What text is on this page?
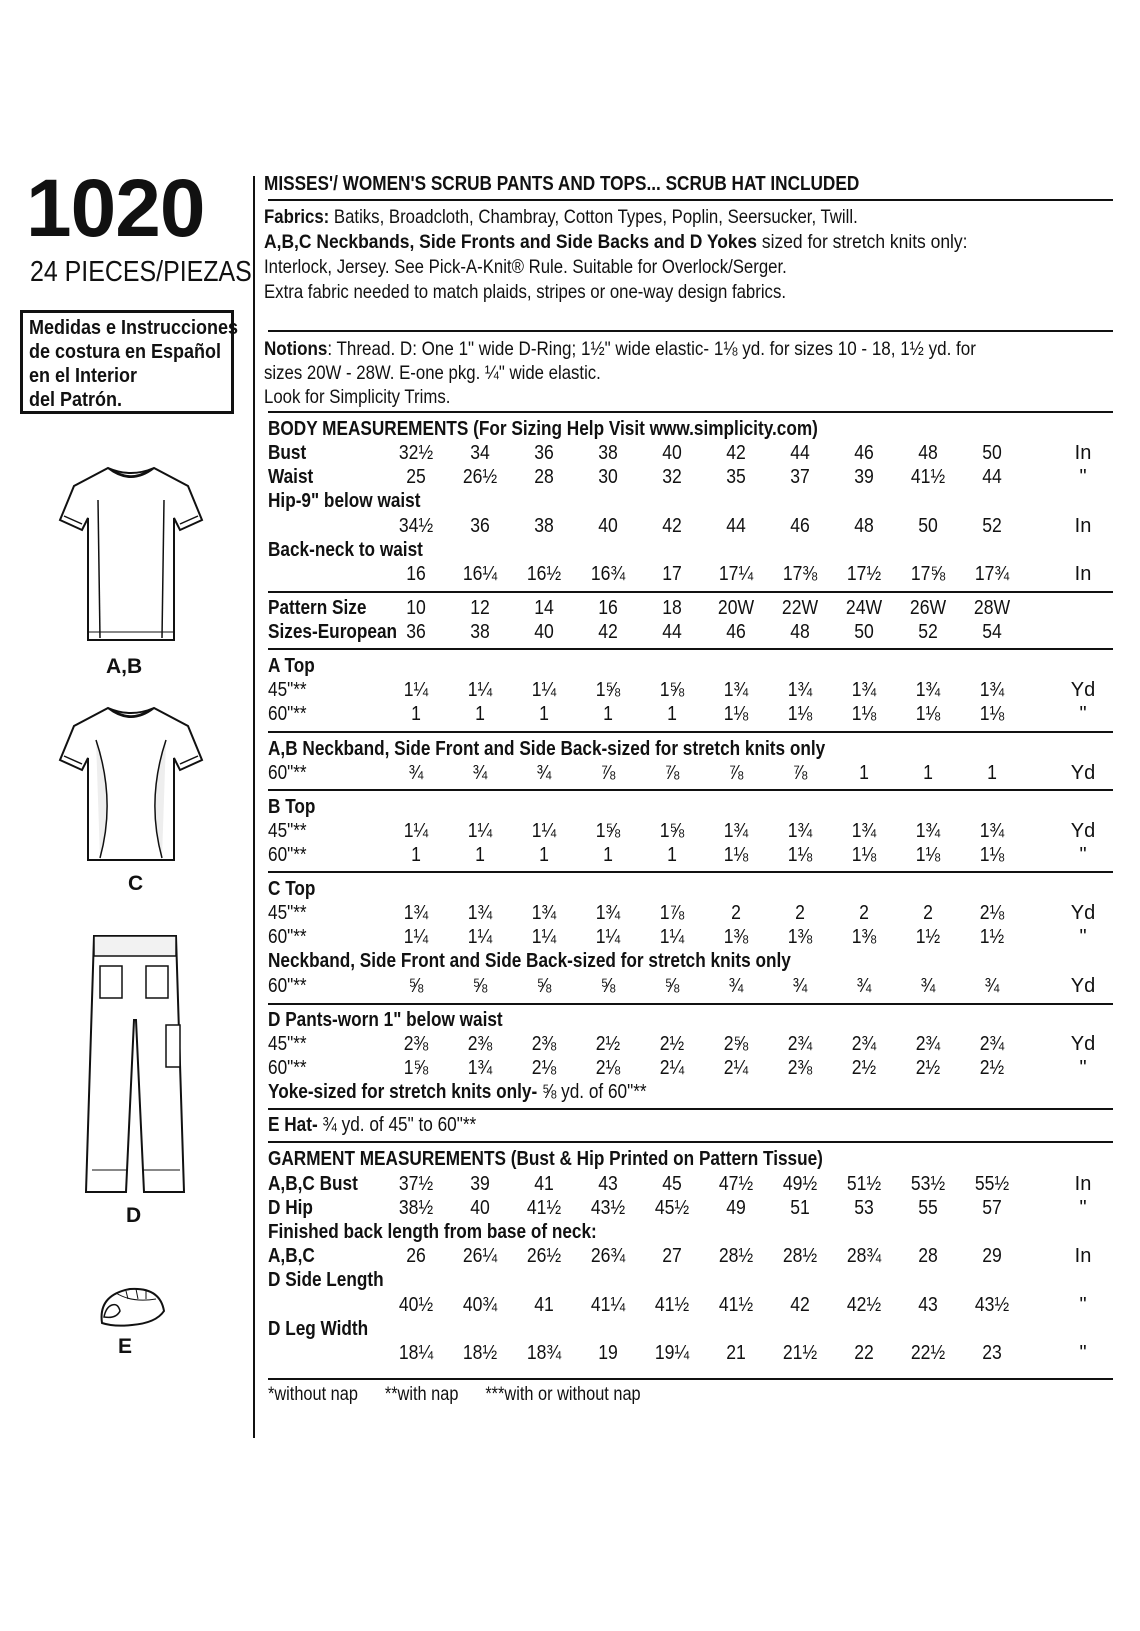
1020
24 PIECES/PIEZAS
Medidas e Instrucciones
de costura en Español
en el Interior
del Patrón.
A,B
C
D
E
MISSES'/ WOMEN'S SCRUB PANTS AND TOPS... SCRUB HAT INCLUDED
Fabrics: Batiks, Broadcloth, Chambray, Cotton Types, Poplin, Seersucker, Twill.
A,B,C Neckbands, Side Fronts and Side Backs and D Yokes sized for stretch knits only:
Interlock, Jersey. See Pick-A-Knit® Rule. Suitable for Overlock/Serger.
Extra fabric needed to match plaids, stripes or one-way design fabrics.
Notions: Thread. D: One 1" wide D-Ring; 1½" wide elastic- 1⅛ yd. for sizes 10 - 18, 1½ yd. for
sizes 20W - 28W. E-one pkg. ¼" wide elastic.
Look for Simplicity Trims.
BODY MEASUREMENTS (For Sizing Help Visit www.simplicity.com)
Bust	32½	34	36	38	40	42	44	46	48	50	In
Waist	25	26½	28	30	32	35	37	39	41½	44	"
Hip-9" below waist
34½	36	38	40	42	44	46	48	50	52	In
Back-neck to waist
16	16¼	16½	16¾	17	17¼	17⅜	17½	17⅝	17¾	In
Pattern Size	10	12	14	16	18	20W	22W	24W	26W	28W
Sizes-European 36	38	40	42	44	46	48	50	52	54
A Top
45"**	1¼	1¼	1¼	1⅝	1⅝	1¾	1¾	1¾	1¾	1¾	Yd
60"**	1	1	1	1	1	1⅛	1⅛	1⅛	1⅛	1⅛	"
A,B Neckband, Side Front and Side Back-sized for stretch knits only
60"**	¾	¾	¾	⅞	⅞	⅞	⅞	1	1	1	Yd
B Top
45"**	1¼	1¼	1¼	1⅝	1⅝	1¾	1¾	1¾	1¾	1¾	Yd
60"**	1	1	1	1	1	1⅛	1⅛	1⅛	1⅛	1⅛	"
C Top
45"**	1¾	1¾	1¾	1¾	1⅞	2	2	2	2	2⅛	Yd
60"**	1¼	1¼	1¼	1¼	1¼	1⅜	1⅜	1⅜	1½	1½	"
Neckband, Side Front and Side Back-sized for stretch knits only
60"**	⅝	⅝	⅝	⅝	⅝	¾	¾	¾	¾	¾	Yd
D Pants-worn 1" below waist
45"**	2⅜	2⅜	2⅜	2½	2½	2⅝	2¾	2¾	2¾	2¾	Yd
60"**	1⅝	1¾	2⅛	2⅛	2¼	2¼	2⅜	2½	2½	2½	"
Yoke-sized for stretch knits only- ⅝ yd. of 60"**
E Hat- ¾ yd. of 45" to 60"**
GARMENT MEASUREMENTS (Bust & Hip Printed on Pattern Tissue)
A,B,C Bust	37½	39	41	43	45	47½	49½	51½	53½	55½	In
D Hip	38½	40	41½	43½	45½	49	51	53	55	57	"
Finished back length from base of neck:
A,B,C	26	26¼	26½	26¾	27	28½	28½	28¾	28	29	In
D Side Length
40½	40¾	41	41¼	41½	41½	42	42½	43	43½	"
D Leg Width
18¼	18½	18¾	19	19¼	21	21½	22	22½	23	"
*without nap **with nap ***with or without nap
